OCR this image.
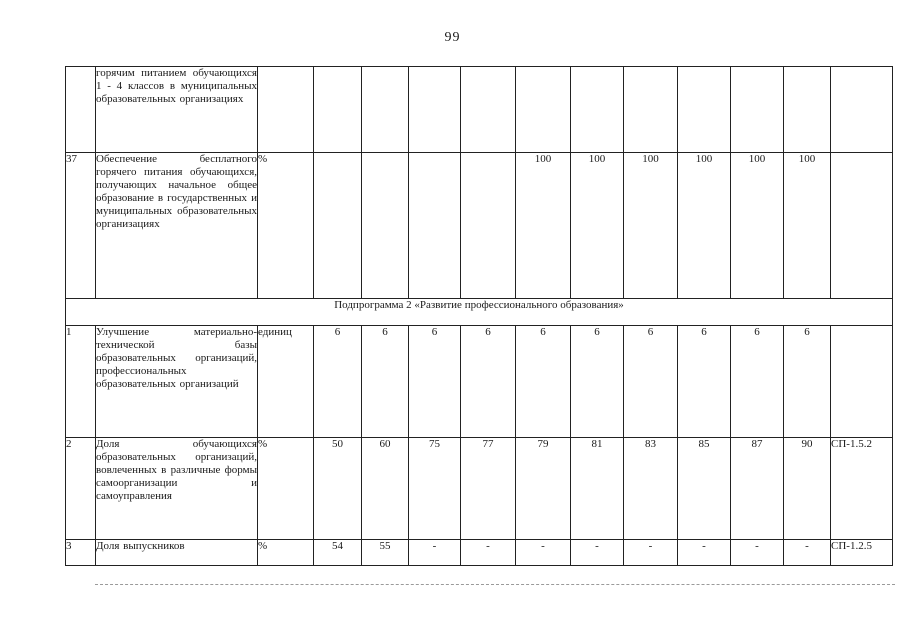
99
	горячим питанием обучающихся 1 - 4 классов в муниципальных образовательных организациях												
37	Обеспечение бесплатного горячего питания обучающихся, получающих начальное общее образование в государственных и муниципальных образовательных организациях	%					100	100	100	100	100	100	
Подпрограмма 2 «Развитие профессионального образования»													
1	Улучшение материально-технической базы образовательных организаций, профессиональных образовательных организаций	единиц	6	6	6	6	6	6	6	6	6	6	
2	Доля обучающихся образовательных организаций, вовлеченных в различные формы самоорганизации и самоуправления	%	50	60	75	77	79	81	83	85	87	90	СП-1.5.2
3	Доля выпускников	%	54	55	-	-	-	-	-	-	-	-	СП-1.2.5
